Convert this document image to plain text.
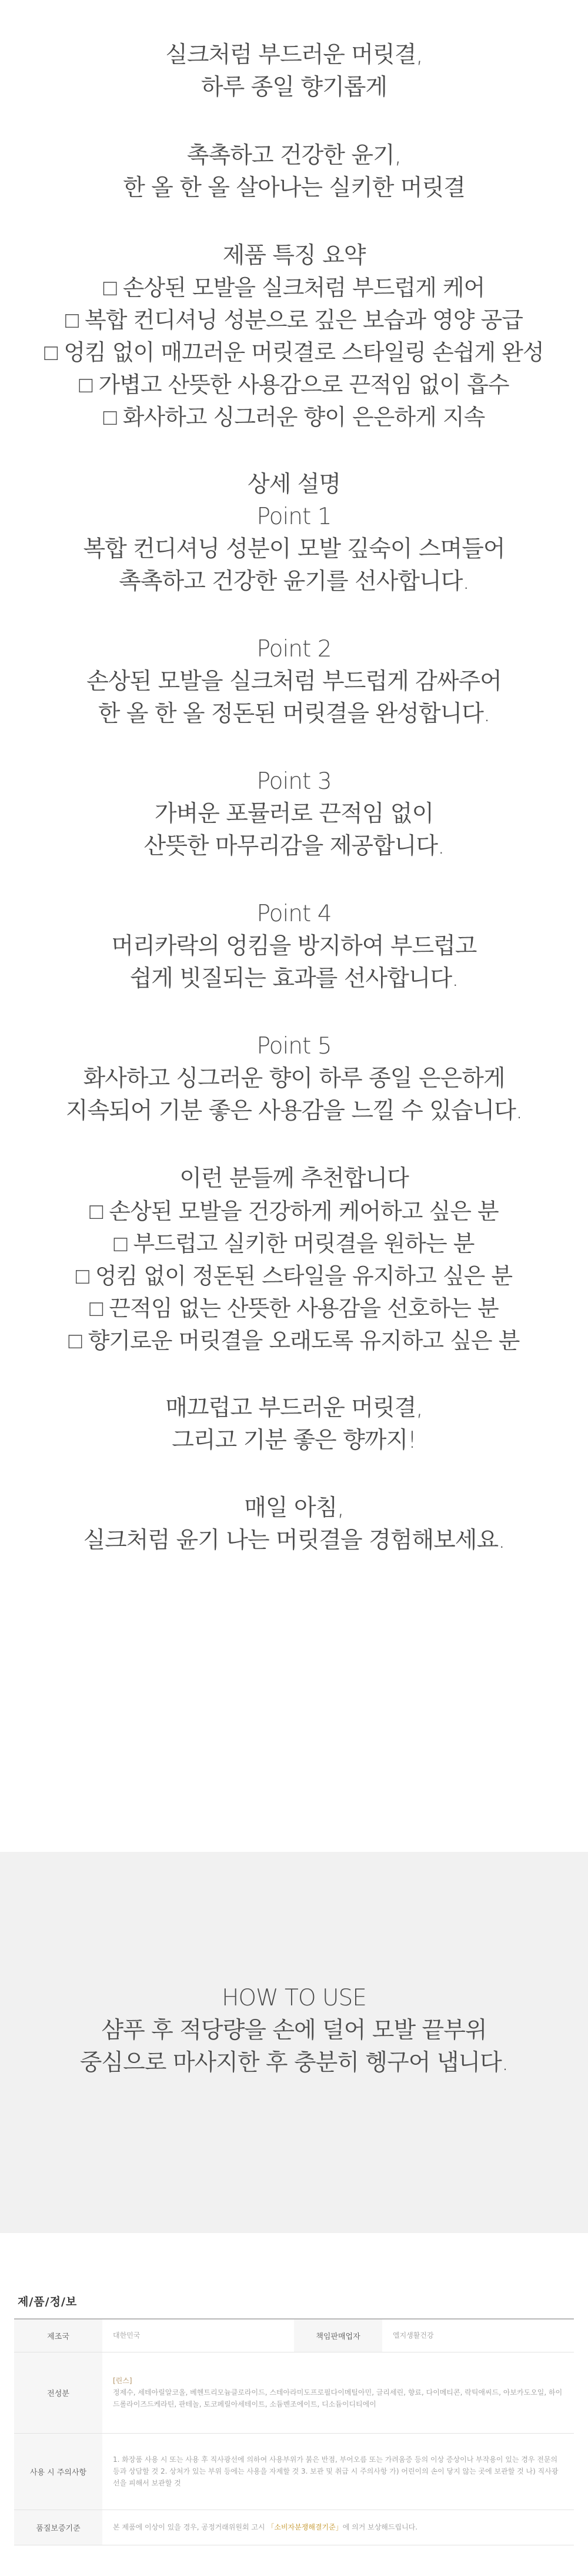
실크처럼 부드러운 머릿결,
하루 종일 향기롭게
촉촉하고 건강한 윤기,
한 올 한 올 살아나는 실키한 머릿결
제품 특징 요약
□ 손상된 모발을 실크처럼 부드럽게 케어
□ 복합 컨디셔닝 성분으로 깊은 보습과 영양 공급
□ 엉킴 없이 매끄러운 머릿결로 스타일링 손쉽게 완성
□ 가볍고 산뜻한 사용감으로 끈적임 없이 흡수
□ 화사하고 싱그러운 향이 은은하게 지속
상세 설명
Point 1
복합 컨디셔닝 성분이 모발 깊숙이 스며들어
촉촉하고 건강한 윤기를 선사합니다.
Point 2
손상된 모발을 실크처럼 부드럽게 감싸주어
한 올 한 올 정돈된 머릿결을 완성합니다.
Point 3
가벼운 포뮬러로 끈적임 없이
산뜻한 마무리감을 제공합니다.
Point 4
머리카락의 엉킴을 방지하여 부드럽고
쉽게 빗질되는 효과를 선사합니다.
Point 5
화사하고 싱그러운 향이 하루 종일 은은하게
지속되어 기분 좋은 사용감을 느낄 수 있습니다.
이런 분들께 추천합니다
□ 손상된 모발을 건강하게 케어하고 싶은 분
□ 부드럽고 실키한 머릿결을 원하는 분
□ 엉킴 없이 정돈된 스타일을 유지하고 싶은 분
□ 끈적임 없는 산뜻한 사용감을 선호하는 분
□ 향기로운 머릿결을 오래도록 유지하고 싶은 분
매끄럽고 부드러운 머릿결,
그리고 기분 좋은 향까지!
매일 아침,
실크처럼 윤기 나는 머릿결을 경험해보세요.
HOW TO USE
샴푸 후 적당량을 손에 덜어 모발 끝부위
중심으로 마사지한 후 충분히 헹구어 냅니다.
제/품/정/보
제조국	대한민국	책임판매업자	엘지생활건강
전성분	[린스]
정제수, 세테아릴알코올, 베헨트리모늄클로라이드, 스테아라미도프로필다이메틸아민, 글리세린, 향료, 다이메티콘, 락틱애씨드, 아보카도오일, 하이드롤라이즈드케라틴, 판테놀, 토코페릴아세테이트, 소듐벤조에이트, 디소듐이디티에이		
사용 시 주의사항	1. 화장품 사용 시 또는 사용 후 직사광선에 의하여 사용부위가 붉은 반점, 부어오름 또는 가려움증 등의 이상 증상이나 부작용이 있는 경우 전문의 등과 상담할 것 2. 상처가 있는 부위 등에는 사용을 자제할 것 3. 보관 및 취급 시 주의사항 가) 어린이의 손이 닿지 않는 곳에 보관할 것 나) 직사광선을 피해서 보관할 것		
품질보증기준	본 제품에 이상이 있을 경우, 공정거래위원회 고시 「소비자분쟁해결기준」에 의거 보상해드립니다.		
